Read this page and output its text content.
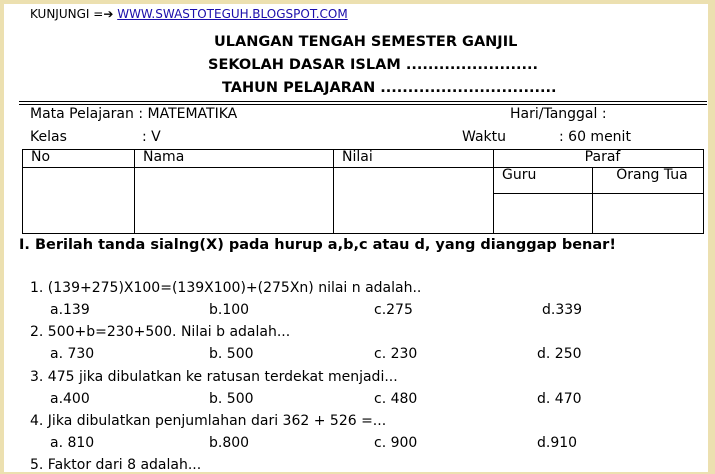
KUNJUNGI =➔ WWW.SWASTOTEGUH.BLOGSPOT.COM
ULANGAN TENGAH SEMESTER GANJIL
SEKOLAH DASAR ISLAM ........................
TAHUN PELAJARAN ................................
Mata Pelajaran : MATEMATIKA	Hari/Tanggal :
Kelas	: V	Waktu	: 60 menit
No	Nama	Nilai	Paraf	
			Guru	Orang Tua

I. Berilah tanda sialng(X) pada hurup a,b,c atau d, yang dianggap benar!
1. (139+275)X100=(139X100)+(275Xn) nilai n adalah..
a.139	b.100	c.275	d.339
2. 500+b=230+500. Nilai b adalah...
a. 730	b. 500	c. 230	d. 250
3. 475 jika dibulatkan ke ratusan terdekat menjadi...
a.400	b. 500	c. 480	d. 470
4. Jika dibulatkan penjumlahan dari 362 + 526 =...
a. 810	b.800	c. 900	d.910
5. Faktor dari 8 adalah...
